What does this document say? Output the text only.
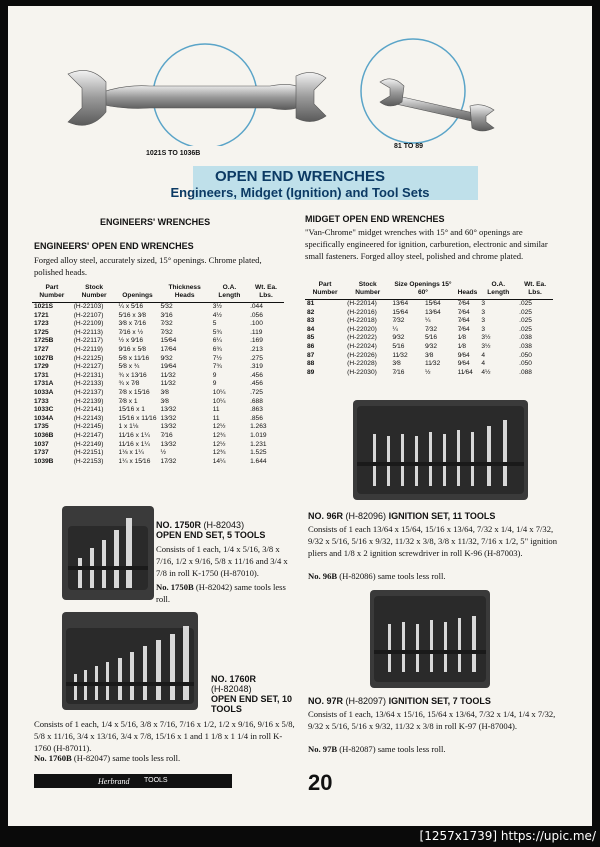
1021S TO 1036B
81 TO 89
OPEN END WRENCHES
Engineers, Midget (Ignition) and Tool Sets
ENGINEERS' WRENCHES
ENGINEERS' OPEN END WRENCHES
Forged alloy steel, accurately sized, 15° openings. Chrome plated, polished heads.
Part Number	Stock Number	Openings	Thickness Heads	O.A. Length	Wt. Ea. Lbs.
1021S	(H-22103)	¼ x 5⁄16	5⁄32	3½	.044
1721	(H-22107)	5⁄16 x 3⁄8	3⁄16	4½	.056
1723	(H-22109)	3⁄8 x 7⁄16	7⁄32	5	.100
1725	(H-22113)	7⁄16 x ½	7⁄32	5¾	.119
1725B	(H-22117)	½ x 9⁄16	15⁄64	6¼	.169
1727	(H-22119)	9⁄16 x 5⁄8	17⁄64	6¾	.213
1027B	(H-22125)	5⁄8 x 11⁄16	9⁄32	7½	.275
1729	(H-22127)	5⁄8 x ¾	19⁄64	7¾	.319
1731	(H-22131)	¾ x 13⁄16	11⁄32	9	.456
1731A	(H-22133)	¾ x 7⁄8	11⁄32	9	.456
1033A	(H-22137)	7⁄8 x 15⁄16	3⁄8	10¼	.725
1733	(H-22139)	7⁄8 x 1	3⁄8	10¼	.688
1033C	(H-22141)	15⁄16 x 1	13⁄32	11	.863
1034A	(H-22143)	15⁄16 x 11⁄16	13⁄32	11	.856
1735	(H-22145)	1 x 1⅛	13⁄32	12½	1.263
1036B	(H-22147)	11⁄16 x 1¼	7⁄16	12¾	1.019
1037	(H-22149)	11⁄16 x 1¼	13⁄32	12½	1.231
1737	(H-22151)	1⅛ x 1¼	½	12¾	1.525
1039B	(H-22153)	1¼ x 15⁄16	17⁄32	14¼	1.644
NO. 1750R (H-82043)
OPEN END SET, 5 TOOLS
Consists of 1 each, 1/4 x 5/16, 3/8 x 7/16, 1/2 x 9/16, 5/8 x 11/16 and 3/4 x 7/8 in roll K-1750 (H-87010).
No. 1750B (H-82042) same tools less roll.
NO. 1760R
(H-82048)
OPEN END SET, 10 TOOLS
Consists of 1 each, 1/4 x 5/16, 3/8 x 7/16, 7/16 x 1/2, 1/2 x 9/16, 9/16 x 5/8, 5/8 x 11/16, 3/4 x 13/16, 3/4 x 7/8, 15/16 x 1 and 1 1/8 x 1 1/4 in roll K-1760 (H-87011).
No. 1760B (H-82047) same tools less roll.
MIDGET OPEN END WRENCHES
"Van-Chrome" midget wrenches with 15° and 60° openings are specifically engineered for ignition, carburetion, electronic and similar small fasteners. Forged alloy steel, polished and chrome plated.
Part Number	Stock Number	Size Openings 15° 60°		Heads	O.A. Length	Wt. Ea. Lbs.
81	(H-22014)	13⁄64	15⁄64	7⁄64	3	.025
82	(H-22016)	15⁄64	13⁄64	7⁄64	3	.025
83	(H-22018)	7⁄32	¼	7⁄64	3	.025
84	(H-22020)	¼	7⁄32	7⁄64	3	.025
85	(H-22022)	9⁄32	5⁄16	1⁄8	3½	.038
86	(H-22024)	5⁄16	9⁄32	1⁄8	3½	.038
87	(H-22026)	11⁄32	3⁄8	9⁄64	4	.050
88	(H-22028)	3⁄8	11⁄32	9⁄64	4	.050
89	(H-22030)	7⁄16	½	11⁄64	4½	.088
NO. 96R (H-82096) IGNITION SET, 11 TOOLS
Consists of 1 each 13/64 x 15/64, 15/16 x 13/64, 7/32 x 1/4, 1/4 x 7/32, 9/32 x 5/16, 5/16 x 9/32, 11/32 x 3/8, 3/8 x 11/32, 7/16 x 1/2, 5" ignition pliers and 1/8 x 2 ignition screwdriver in roll K-96 (H-87003).
No. 96B (H-82086) same tools less roll.
NO. 97R (H-82097) IGNITION SET, 7 TOOLS
Consists of 1 each, 13/64 x 15/16, 15/64 x 13/64, 7/32 x 1/4, 1/4 x 7/32, 9/32 x 5/16, 5/16 x 9/32, 11/32 x 3/8 in roll K-97 (H-87004).
No. 97B (H-82087) same tools less roll.
Herbrand TOOLS	20
[1257x1739] https://upic.me/
